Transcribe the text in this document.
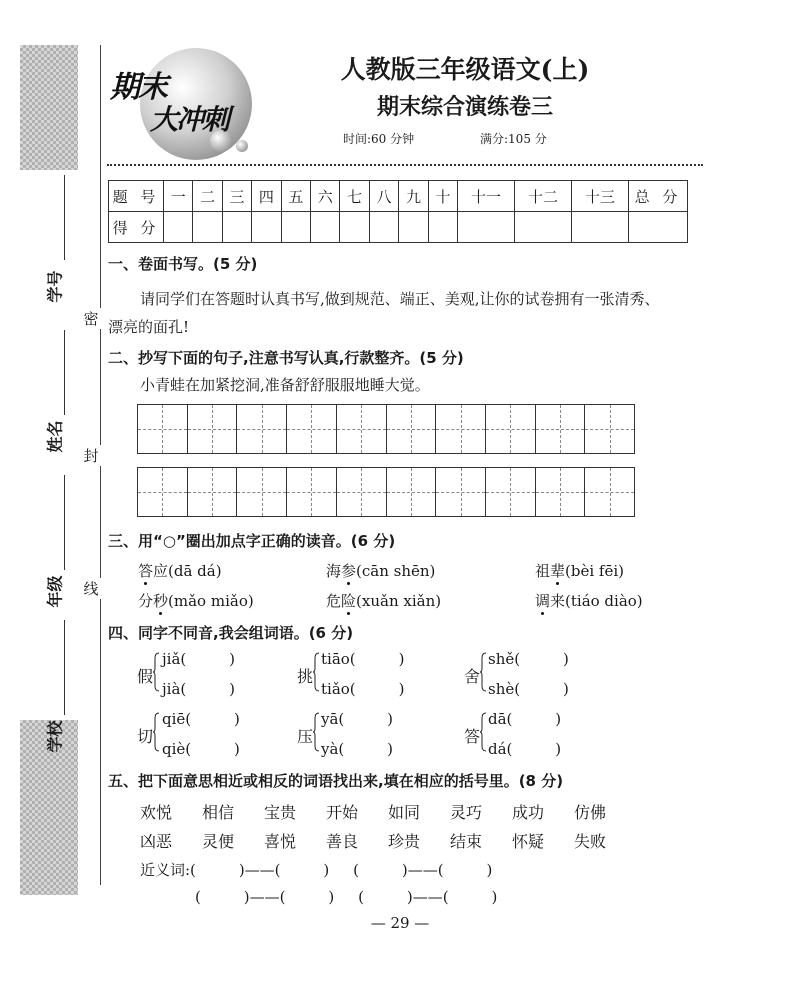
学号
姓名
年级
学校
密
封
线
期末
大冲刺
人教版三年级语文(上)
期末综合演练卷三
时间:60 分钟	满分:105 分
题 号	一	二	三	四	五	六	七	八	九	十	十一	十二	十三	总 分
得 分														
一、卷面书写。(5 分)
请同学们在答题时认真书写,做到规范、端正、美观,让你的试卷拥有一张清秀、
漂亮的面孔!
二、抄写下面的句子,注意书写认真,行款整齐。(5 分)
小青蛙在加紧挖洞,准备舒舒服服地睡大觉。
三、用“○”圈出加点字正确的读音。(6 分)
答应(dā dá)	海参(cān shēn)	祖辈(bèi fēi)
分秒(mǎo miǎo)	危险(xuǎn xiǎn)	调来(tiáo diào)
四、同字不同音,我会组词语。(6 分)
假
jiǎ(         )
jià(         )
挑
tiāo(         )
tiǎo(         )
舍
shě(         )
shè(         )
切
qiē(         )
qiè(         )
压
yā(         )
yà(         )
答
dā(         )
dá(         )
五、把下面意思相近或相反的词语找出来,填在相应的括号里。(8 分)
欢悦 相信 宝贵 开始 如同 灵巧 成功 仿佛
凶恶 灵便 喜悦 善良 珍贵 结束 怀疑 失败
近义词:(         )——(         )     (         )——(         )
(         )——(         )     (         )——(         )
— 29 —
